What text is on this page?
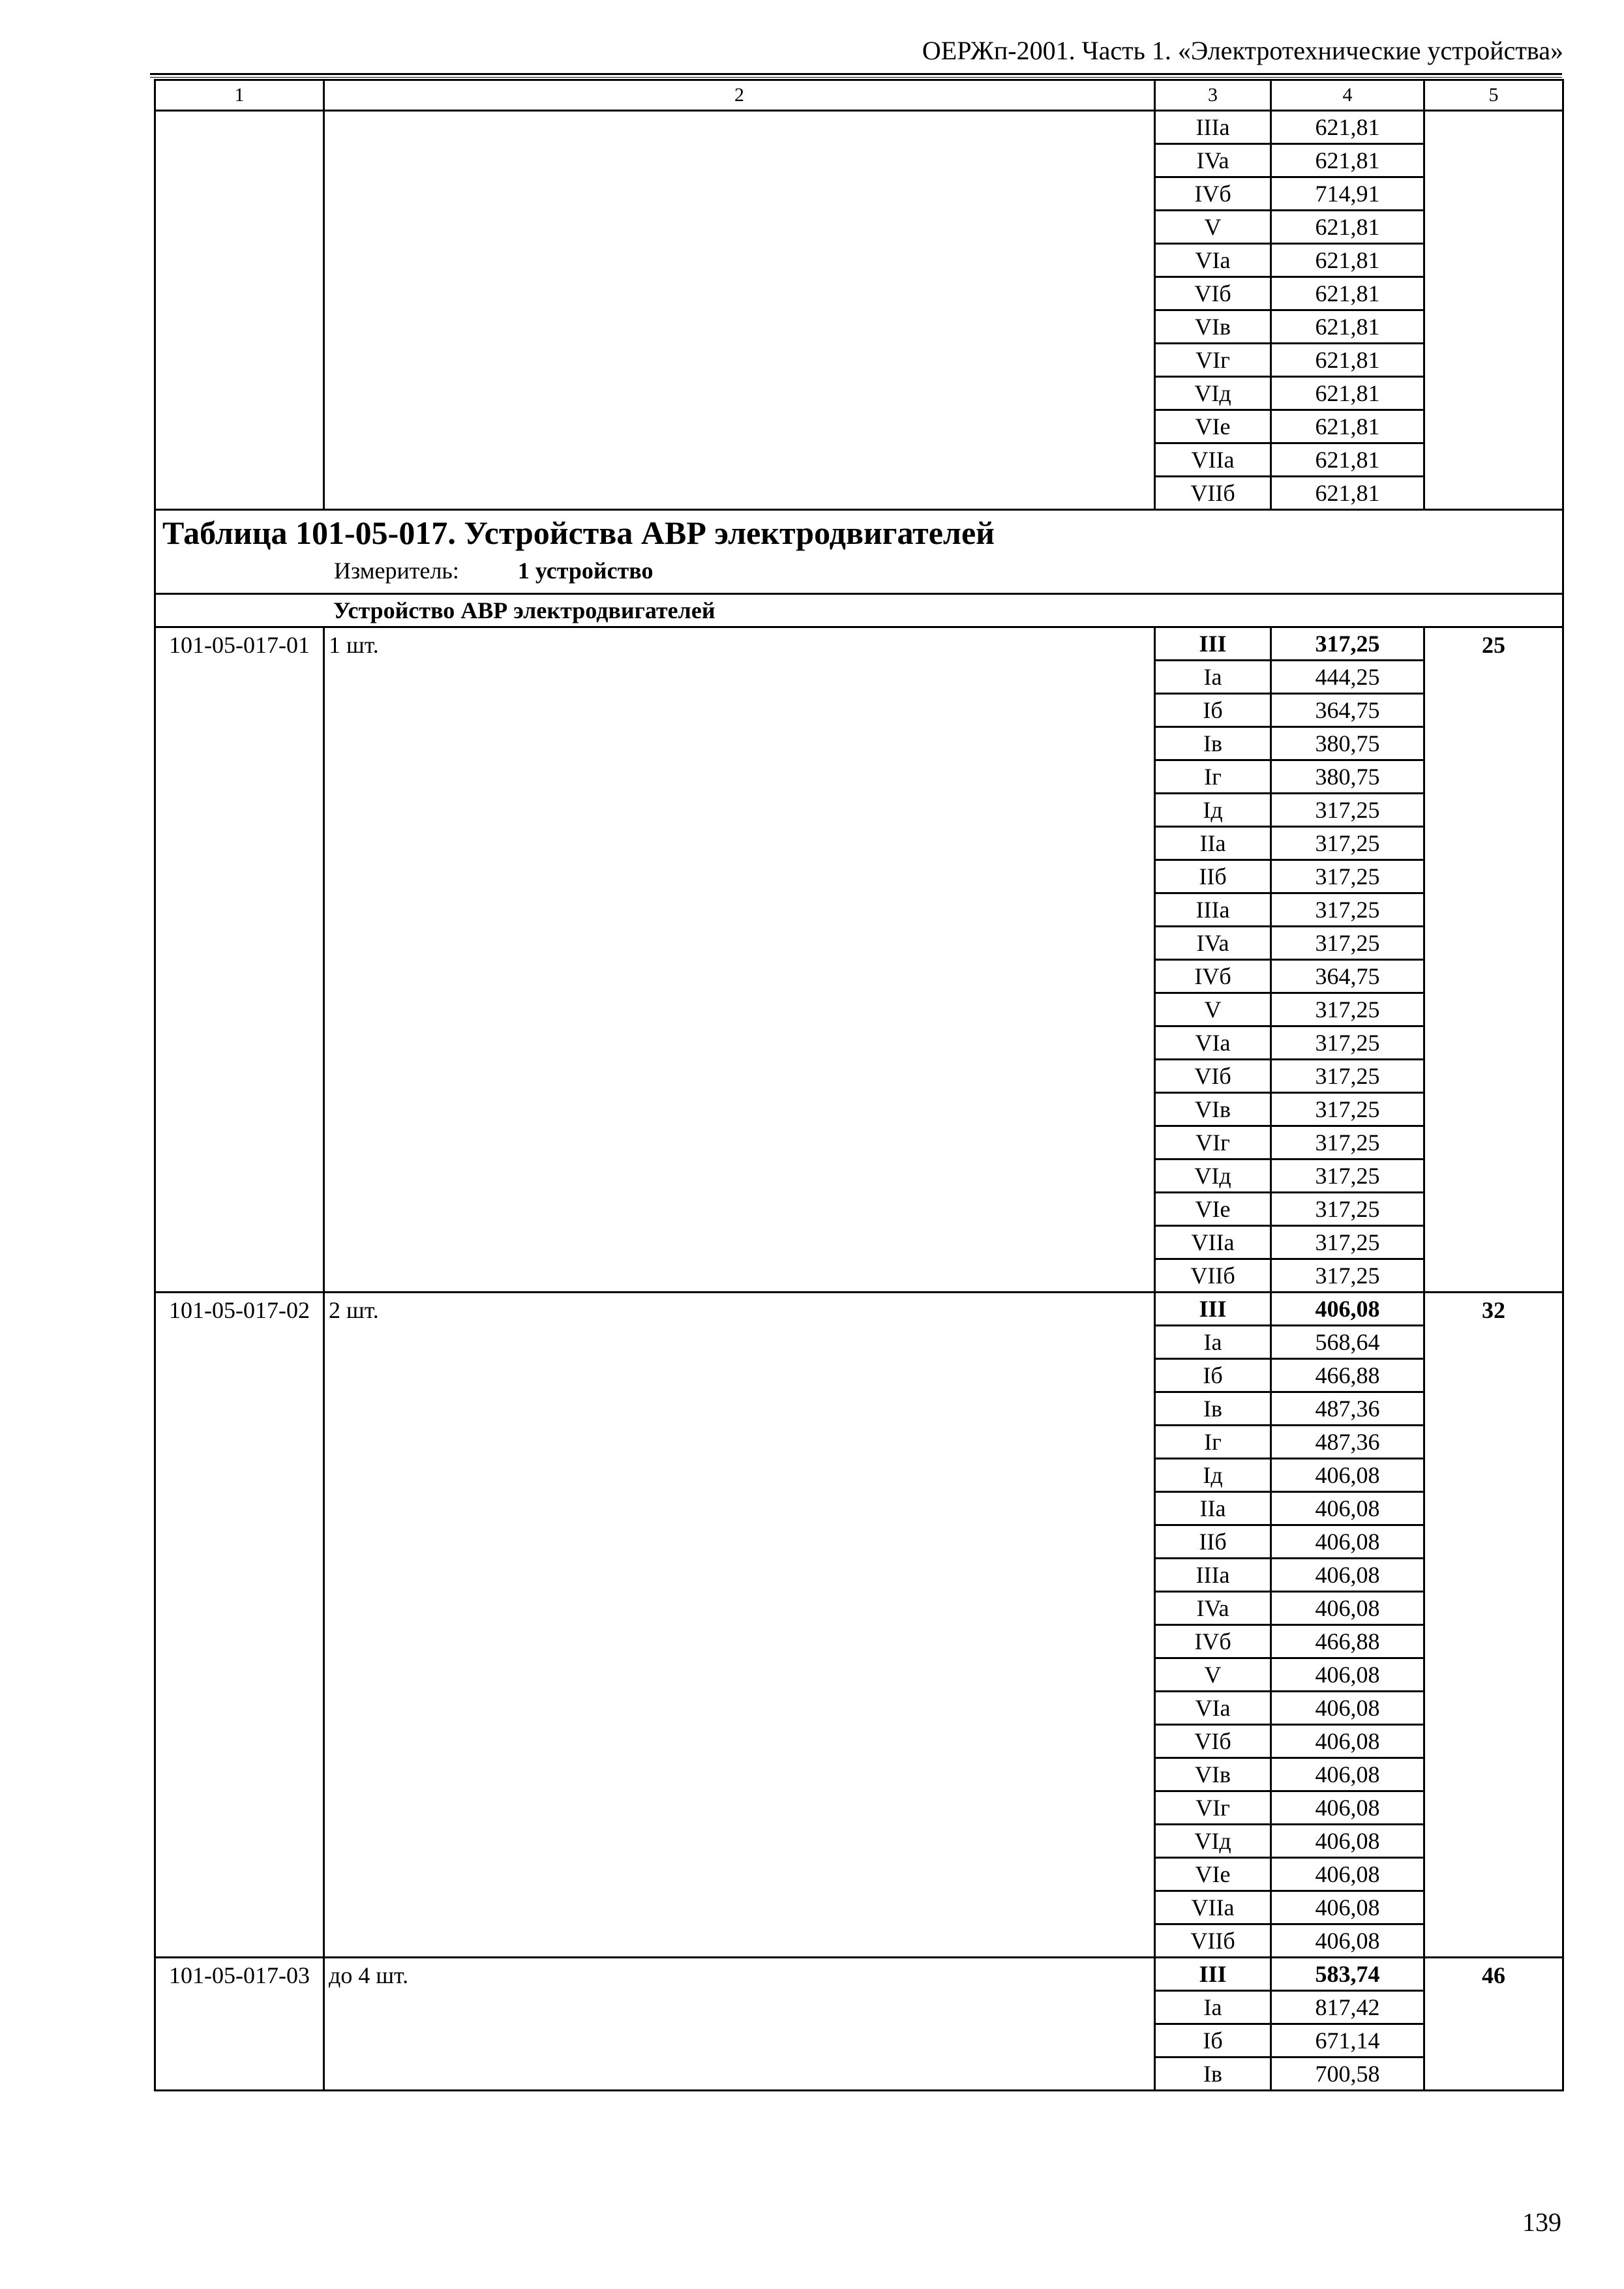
ОЕРЖп-2001. Часть 1. «Электротехнические устройства»
1	2	3	4	5
		IIIa	621,81	
		IVa	621,81	
		IVб	714,91	
		V	621,81	
		VIa	621,81	
		VIб	621,81	
		VIв	621,81	
		VIг	621,81	
		VIд	621,81	
		VIе	621,81	
		VIIa	621,81	
		VIIб	621,81	

Таблица 101-05-017. Устройства АВР электродвигателей
Измеритель: 1 устройство				

Устройство АВР электродвигателей				
101-05-017-01	1 шт.	III	317,25	25
		Ia	444,25	
		Iб	364,75	
		Iв	380,75	
		Iг	380,75	
		Iд	317,25	
		IIa	317,25	
		IIб	317,25	
		IIIa	317,25	
		IVa	317,25	
		IVб	364,75	
		V	317,25	
		VIa	317,25	
		VIб	317,25	
		VIв	317,25	
		VIг	317,25	
		VIд	317,25	
		VIе	317,25	
		VIIa	317,25	
		VIIб	317,25	
101-05-017-02	2 шт.	III	406,08	32
		Ia	568,64	
		Iб	466,88	
		Iв	487,36	
		Iг	487,36	
		Iд	406,08	
		IIa	406,08	
		IIб	406,08	
		IIIa	406,08	
		IVa	406,08	
		IVб	466,88	
		V	406,08	
		VIa	406,08	
		VIб	406,08	
		VIв	406,08	
		VIг	406,08	
		VIд	406,08	
		VIе	406,08	
		VIIa	406,08	
		VIIб	406,08	
101-05-017-03	до 4 шт.	III	583,74	46
		Ia	817,42	
		Iб	671,14	
		Iв	700,58	
139
